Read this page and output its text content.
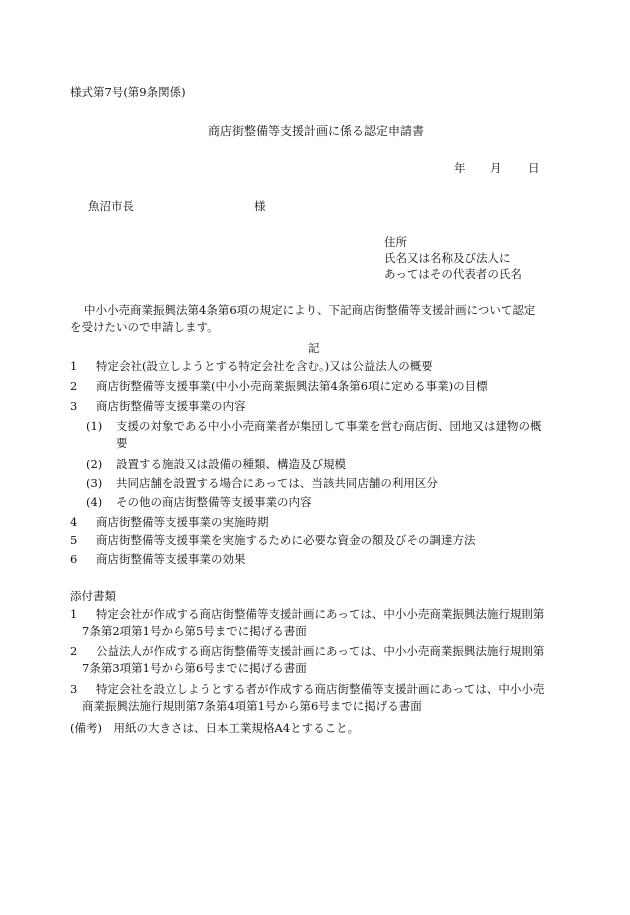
様式第7号(第9条関係)
商店街整備等支援計画に係る認定申請書
年 月 日
魚沼市長	様
住所
氏名又は名称及び法人に
あってはその代表者の氏名
中小小売商業振興法第4条第6項の規定により、下記商店街整備等支援計画について認定
を受けたいので申請します。
記
1 特定会社(設立しようとする特定会社を含む。)又は公益法人の概要
2 商店街整備等支援事業(中小小売商業振興法第4条第6項に定める事業)の目標
3 商店街整備等支援事業の内容
(1) 支援の対象である中小小売商業者が集団して事業を営む商店街、団地又は建物の概
要
(2) 設置する施設又は設備の種類、構造及び規模
(3) 共同店舗を設置する場合にあっては、当該共同店舗の利用区分
(4) その他の商店街整備等支援事業の内容
4 商店街整備等支援事業の実施時期
5 商店街整備等支援事業を実施するために必要な資金の額及びその調達方法
6 商店街整備等支援事業の効果
添付書類
1 特定会社が作成する商店街整備等支援計画にあっては、中小小売商業振興法施行規則第
7条第2項第1号から第5号までに掲げる書面
2 公益法人が作成する商店街整備等支援計画にあっては、中小小売商業振興法施行規則第
7条第3項第1号から第6号までに掲げる書面
3 特定会社を設立しようとする者が作成する商店街整備等支援計画にあっては、中小小売
商業振興法施行規則第7条第4項第1号から第6号までに掲げる書面
(備考)　用紙の大きさは、日本工業規格A4とすること。
